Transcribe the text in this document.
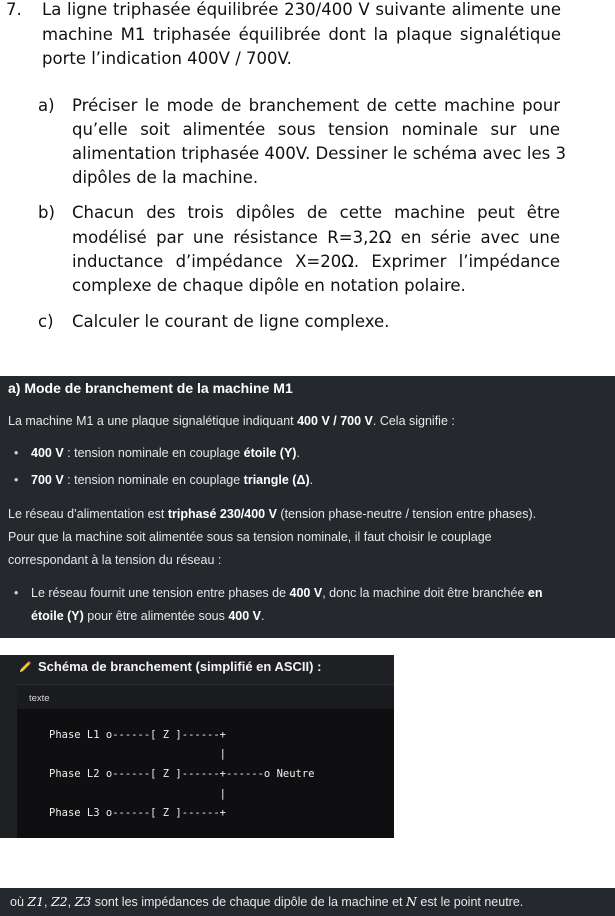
7. La ligne triphasée équilibrée 230/400 V suivante alimente une
machine M1 triphasée équilibrée dont la plaque signalétique
porte l’indication 400V / 700V.
a) Préciser le mode de branchement de cette machine pour
qu’elle soit alimentée sous tension nominale sur une
alimentation triphasée 400V. Dessiner le schéma avec les 3
dipôles de la machine.
b) Chacun des trois dipôles de cette machine peut être
modélisé par une résistance R=3,2Ω en série avec une
inductance d’impédance X=20Ω. Exprimer l’impédance
complexe de chaque dipôle en notation polaire.
c) Calculer le courant de ligne complexe.
a) Mode de branchement de la machine M1
La machine M1 a une plaque signalétique indiquant 400 V / 700 V. Cela signifie :
• 400 V : tension nominale en couplage étoile (Y).
• 700 V : tension nominale en couplage triangle (Δ).
Le réseau d’alimentation est triphasé 230/400 V (tension phase-neutre / tension entre phases).
Pour que la machine soit alimentée sous sa tension nominale, il faut choisir le couplage
correspondant à la tension du réseau :
• Le réseau fournit une tension entre phases de 400 V, donc la machine doit être branchée en
étoile (Y) pour être alimentée sous 400 V.
Schéma de branchement (simplifié en ASCII) :
texte
Phase L1 o------[ Z ]------+
|
Phase L2 o------[ Z ]------+------o Neutre
|
Phase L3 o------[ Z ]------+
où Z1, Z2, Z3 sont les impédances de chaque dipôle de la machine et N est le point neutre.
